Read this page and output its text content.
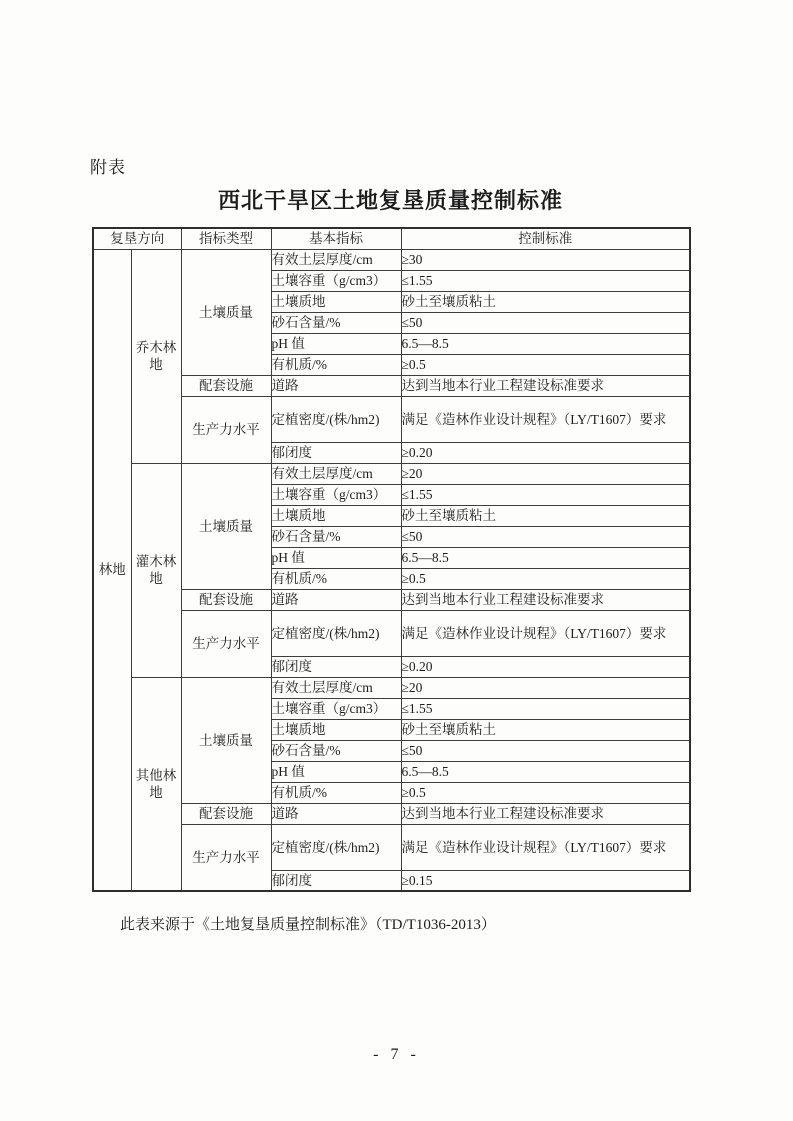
附表
西北干旱区土地复垦质量控制标准
复垦方向		指标类型	基本指标	控制标准
林地	乔木林地	土壤质量	有效土层厚度/cm	≥30
			土壤容重（g/cm3）	≤1.55
			土壤质地	砂土至壤质粘土
			砂石含量/%	≤50
			pH 值	6.5—8.5
			有机质/%	≥0.5
		配套设施	道路	达到当地本行业工程建设标准要求
		生产力水平	定植密度/(株/hm2)	满足《造林作业设计规程》（LY/T1607）要求
			郁闭度	≥0.20
	灌木林地	土壤质量	有效土层厚度/cm	≥20
			土壤容重（g/cm3）	≤1.55
			土壤质地	砂土至壤质粘土
			砂石含量/%	≤50
			pH 值	6.5—8.5
			有机质/%	≥0.5
		配套设施	道路	达到当地本行业工程建设标准要求
		生产力水平	定植密度/(株/hm2)	满足《造林作业设计规程》（LY/T1607）要求
			郁闭度	≥0.20
	其他林地	土壤质量	有效土层厚度/cm	≥20
			土壤容重（g/cm3）	≤1.55
			土壤质地	砂土至壤质粘土
			砂石含量/%	≤50
			pH 值	6.5—8.5
			有机质/%	≥0.5
		配套设施	道路	达到当地本行业工程建设标准要求
		生产力水平	定植密度/(株/hm2)	满足《造林作业设计规程》（LY/T1607）要求
			郁闭度	≥0.15
此表来源于《土地复垦质量控制标准》（TD/T1036-2013）
- 7 -
